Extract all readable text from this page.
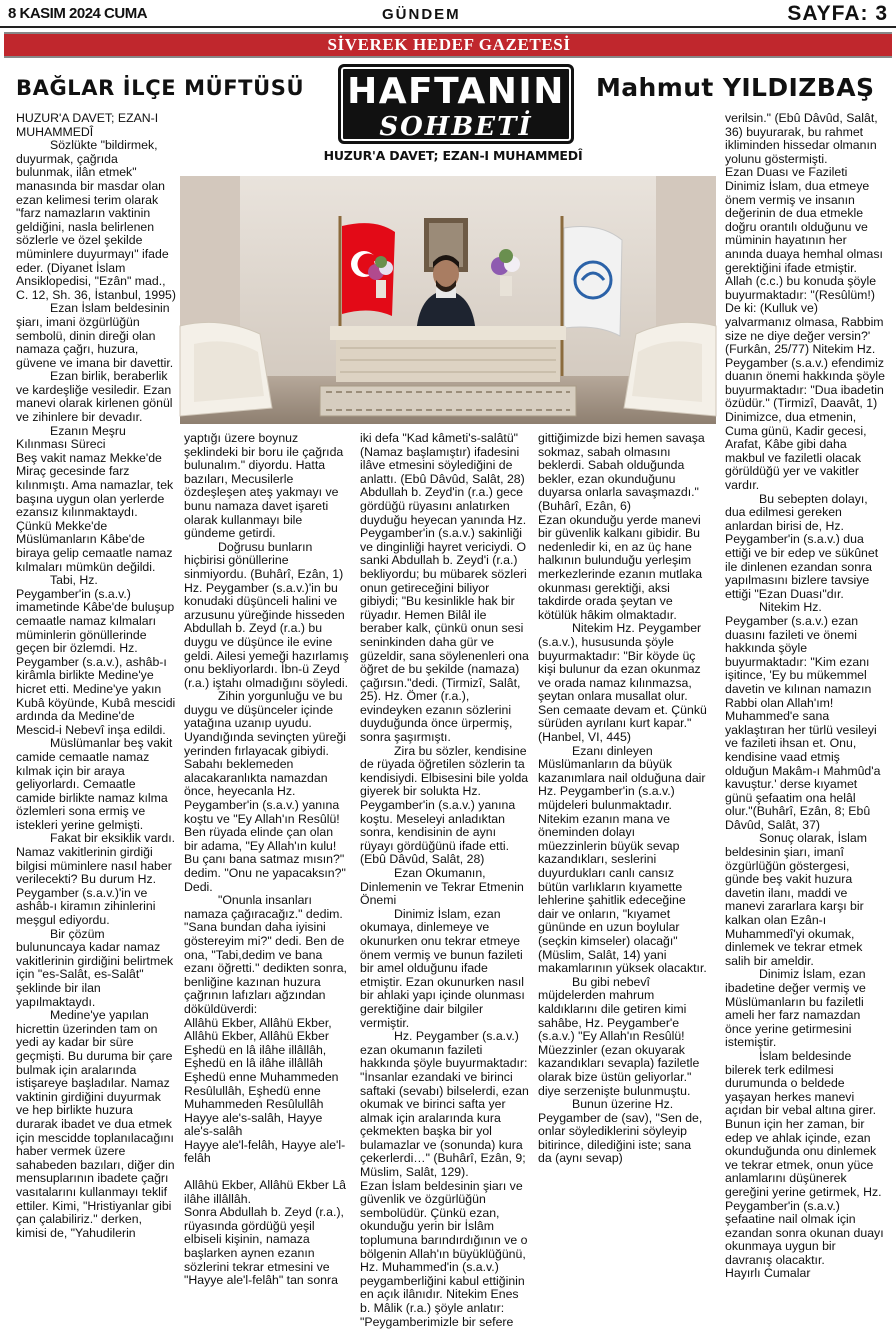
8 KASIM 2024 CUMA	GÜNDEM	SAYFA: 3
SİVEREK HEDEF GAZETESİ
BAĞLAR İLÇE MÜFTÜSÜ	Mahmut YILDIZBAŞ
HAFTANIN
SOHBETİ
HUZUR'A DAVET; EZAN-I MUHAMMEDÎ

HUZUR'A DAVET; EZAN-I MUHAMMEDÎ

Sözlükte "bildirmek, duyurmak, çağrıda bulunmak, ilân etmek" manasında bir masdar olan ezan kelimesi terim olarak "farz namazların vaktinin geldiğini, nasla belirlenen sözlerle ve özel şekilde müminlere duyurmayı" ifade eder. (Diyanet İslam Ansiklopedisi, "Ezân" mad., C. 12, Sh. 36, İstanbul, 1995)

Ezan İslam beldesinin şiarı, imani özgürlüğün sembolü, dinin direği olan namaza çağrı, huzura, güvene ve imana bir davettir.

Ezan birlik, beraberlik ve kardeşliğe vesiledir. Ezan manevi olarak kirlenen gönül ve zihinlere bir devadır.

Ezanın Meşru Kılınması Süreci

Beş vakit namaz Mekke'de Miraç gecesinde farz kılınmıştı. Ama namazlar, tek başına uygun olan yerlerde ezansız kılınmaktaydı. Çünkü Mekke'de Müslümanların Kâbe'de biraya gelip cemaatle namaz kılmaları mümkün değildi.

Tabi, Hz. Peygamber'in (s.a.v.) imametinde Kâbe'de buluşup cemaatle namaz kılmaları müminlerin gönüllerinde geçen bir özlemdi. Hz. Peygamber (s.a.v.), ashâb-ı kirâmla birlikte Medine'ye hicret etti. Medine'ye yakın Kubâ köyünde, Kubâ mescidi ardında da Medine'de Mescid-i Nebevî inşa edildi.

Müslümanlar beş vakit camide cemaatle namaz kılmak için bir araya geliyorlardı. Cemaatle camide birlikte namaz kılma özlemleri sona ermiş ve istekleri yerine gelmişti.

Fakat bir eksiklik vardı. Namaz vakitlerinin girdiği bilgisi müminlere nasıl haber verilecekti? Bu durum Hz. Peygamber (s.a.v.)'in ve ashâb-ı kiramın zihinlerini meşgul ediyordu.

Bir çözüm bulununcaya kadar namaz vakitlerinin girdiğini belirtmek için "es-Salât, es-Salât" şeklinde bir ilan yapılmaktaydı.

Medine'ye yapılan hicrettin üzerinden tam on yedi ay kadar bir süre geçmişti. Bu duruma bir çare bulmak için aralarında istişareye başladılar. Namaz vaktinin girdiğini duyurmak ve hep birlikte huzura durarak ibadet ve dua etmek için mescidde toplanılacağını haber vermek üzere sahabeden bazıları, diğer din mensuplarının ibadete çağrı vasıtalarını kullanmayı teklif ettiler. Kimi, "Hristiyanlar gibi çan çalabiliriz." derken, kimisi de, "Yahudilerin

yaptığı üzere boynuz şeklindeki bir boru ile çağrıda bulunalım." diyordu. Hatta bazıları, Mecusilerle özdeşleşen ateş yakmayı ve bunu namaza davet işareti olarak kullanmayı bile gündeme getirdi.

Doğrusu bunların hiçbirisi gönüllerine sinmiyordu. (Buhârî, Ezân, 1) Hz. Peygamber (s.a.v.)'in bu konudaki düşünceli halini ve arzusunu yüreğinde hisseden Abdullah b. Zeyd (r.a.) bu duygu ve düşünce ile evine geldi. Ailesi yemeği hazırlamış onu bekliyorlardı. İbn-ü Zeyd (r.a.) iştahı olmadığını söyledi.

Zihin yorgunluğu ve bu duygu ve düşünceler içinde yatağına uzanıp uyudu. Uyandığında sevinçten yüreği yerinden fırlayacak gibiydi. Sabahı beklemeden alacakaranlıkta namazdan önce, heyecanla Hz. Peygamber'in (s.a.v.) yanına koştu ve "Ey Allah'ın Resûlü! Ben rüyada elinde çan olan bir adama, "Ey Allah'ın kulu! Bu çanı bana satmaz mısın?" dedim. "Onu ne yapacaksın?" Dedi.

"Onunla insanları namaza çağıracağız." dedim. "Sana bundan daha iyisini göstereyim mi?" dedi. Ben de ona, "Tabi,dedim ve bana ezanı öğretti." dedikten sonra, benliğine kazınan huzura çağrının lafızları ağzından döküldüverdi:

Allâhü Ekber, Allâhü Ekber, Allâhü Ekber, Allâhü Ekber Eşhedü en lâ ilâhe illâllâh, Eşhedü en lâ ilâhe illâllâh Eşhedü enne Muhammeden Resûlullâh, Eşhedü enne Muhammeden Resûlullâh Hayye ale's-salâh, Hayye ale's-salâh

Hayye ale'l-felâh, Hayye ale'l-felâh

Allâhü Ekber, Allâhü Ekber Lâ ilâhe illâllâh.

Sonra Abdullah b. Zeyd (r.a.), rüyasında gördüğü yeşil elbiseli kişinin, namaza başlarken aynen ezanın sözlerini tekrar etmesini ve "Hayye ale'l-felâh" tan sonra

iki defa "Kad kâmeti's-salâtü" (Namaz başlamıştır) ifadesini ilâve etmesini söylediğini de anlattı. (Ebû Dâvûd, Salât, 28) Abdullah b. Zeyd'in (r.a.) gece gördüğü rüyasını anlatırken duyduğu heyecan yanında Hz. Peygamber'in (s.a.v.) sakinliği ve dinginliği hayret vericiydi. O sanki Abdullah b. Zeyd'i (r.a.) bekliyordu; bu mübarek sözleri onun getireceğini biliyor gibiydi; "Bu kesinlikle hak bir rüyadır. Hemen Bilâl ile beraber kalk, çünkü onun sesi seninkinden daha gür ve güzeldir, sana söylenenleri ona öğret de bu şekilde (namaza) çağırsın."dedi. (Tirmizî, Salât, 25). Hz. Ömer (r.a.), evindeyken ezanın sözlerini duyduğunda önce ürpermiş, sonra şaşırmıştı.

Zira bu sözler, kendisine de rüyada öğretilen sözlerin ta kendisiydi. Elbisesini bile yolda giyerek bir solukta Hz. Peygamber'in (s.a.v.) yanına koştu. Meseleyi anladıktan sonra, kendisinin de aynı rüyayı gördüğünü ifade etti. (Ebû Dâvûd, Salât, 28)

Ezan Okumanın, Dinlemenin ve Tekrar Etmenin Önemi

Dinimiz İslam, ezan okumaya, dinlemeye ve okunurken onu tekrar etmeye önem vermiş ve bunun fazileti bir amel olduğunu ifade etmiştir. Ezan okunurken nasıl bir ahlaki yapı içinde olunması gerektiğine dair bilgiler vermiştir.

Hz. Peygamber (s.a.v.) ezan okumanın fazileti hakkında şöyle buyurmaktadır: "İnsanlar ezandaki ve birinci saftaki (sevabı) bilselerdi, ezan okumak ve birinci safta yer almak için aralarında kura çekmekten başka bir yol bulamazlar ve (sonunda) kura çekerlerdi…" (Buhârî, Ezân, 9; Müslim, Salât, 129).

Ezan İslam beldesinin şiarı ve güvenlik ve özgürlüğün sembolüdür. Çünkü ezan, okunduğu yerin bir İslâm toplumuna barındırdığının ve o bölgenin Allah'ın büyüklüğünü, Hz. Muhammed'in (s.a.v.) peygamberliğini kabul ettiğinin en açık ilânıdır. Nitekim Enes b. Mâlik (r.a.) şöyle anlatır: "Peygamberimizle bir sefere

gittiğimizde bizi hemen savaşa sokmaz, sabah olmasını beklerdi. Sabah olduğunda bekler, ezan okunduğunu duyarsa onlarla savaşmazdı." (Buhârî, Ezân, 6)

Ezan okunduğu yerde manevi bir güvenlik kalkanı gibidir. Bu nedenledir ki, en az üç hane halkının bulunduğu yerleşim merkezlerinde ezanın mutlaka okunması gerektiği, aksi takdirde orada şeytan ve kötülük hâkim olmaktadır.

Nitekim Hz. Peygamber (s.a.v.), hususunda şöyle buyurmaktadır: "Bir köyde üç kişi bulunur da ezan okunmaz ve orada namaz kılınmazsa, şeytan onlara musallat olur. Sen cemaate devam et. Çünkü sürüden ayrılanı kurt kapar." (Hanbel, VI, 445)

Ezanı dinleyen Müslümanların da büyük kazanımlara nail olduğuna dair Hz. Peygamber'in (s.a.v.) müjdeleri bulunmaktadır. Nitekim ezanın mana ve öneminden dolayı müezzinlerin büyük sevap kazandıkları, seslerini duyurdukları canlı cansız bütün varlıkların kıyamette lehlerine şahitlik edeceğine dair ve onların, "kıyamet gününde en uzun boylular (seçkin kimseler) olacağı" (Müslim, Salât, 14) yani makamlarının yüksek olacaktır.

Bu gibi nebevî müjdelerden mahrum kaldıklarını dile getiren kimi sahâbe, Hz. Peygamber'e (s.a.v.) "Ey Allah'ın Resûlü! Müezzinler (ezan okuyarak kazandıkları sevapla) faziletle olarak bize üstün geliyorlar." diye serzenişte bulunmuştu.

Bunun üzerine Hz. Peygamber de (sav), "Sen de, onlar söylediklerini söyleyip bitirince, dilediğini iste; sana da (aynı sevap)

verilsin." (Ebû Dâvûd, Salât, 36) buyurarak, bu rahmet ikliminden hissedar olmanın yolunu göstermişti.

Ezan Duası ve Fazileti

Dinimiz İslam, dua etmeye önem vermiş ve insanın değerinin de dua etmekle doğru orantılı olduğunu ve müminin hayatının her anında duaya hemhal olması gerektiğini ifade etmiştir. Allah (c.c.) bu konuda şöyle buyurmaktadır: "(Resûlüm!) De ki: (Kulluk ve) yalvarmanız olmasa, Rabbim size ne diye değer versin?' (Furkân, 25/77) Nitekim Hz. Peygamber (s.a.v.) efendimiz duanın önemi hakkında şöyle buyurmaktadır: "Dua ibadetin özüdür." (Tirmizî, Daavât, 1) Dinimizce, dua etmenin, Cuma günü, Kadir gecesi, Arafat, Kâbe gibi daha makbul ve faziletli olacak görüldüğü yer ve vakitler vardır.

Bu sebepten dolayı, dua edilmesi gereken anlardan birisi de, Hz. Peygamber'in (s.a.v.) dua ettiği ve bir edep ve sükûnet ile dinlenen ezandan sonra yapılmasını bizlere tavsiye ettiği "Ezan Duası"dır.

Nitekim Hz. Peygamber (s.a.v.) ezan duasını fazileti ve önemi hakkında şöyle buyurmaktadır: "Kim ezanı işitince, 'Ey bu mükemmel davetin ve kılınan namazın Rabbi olan Allah'ım! Muhammed'e sana yaklaştıran her türlü vesileyi ve fazileti ihsan et. Onu, kendisine vaad etmiş olduğun Makâm-ı Mahmûd'a kavuştur.' derse kıyamet günü şefaatim ona helâl olur."(Buhârî, Ezân, 8; Ebû Dâvûd, Salât, 37)

Sonuç olarak, İslam beldesinin şiarı, imanî özgürlüğün göstergesi, günde beş vakit huzura davetin ilanı, maddi ve manevi zararlara karşı bir kalkan olan Ezân-ı Muhammedî'yi okumak, dinlemek ve tekrar etmek salih bir ameldir.

Dinimiz İslam, ezan ibadetine değer vermiş ve Müslümanların bu faziletli ameli her farz namazdan önce yerine getirmesini istemiştir.

İslam beldesinde bilerek terk edilmesi durumunda o beldede yaşayan herkes manevi açıdan bir vebal altına girer. Bunun için her zaman, bir edep ve ahlak içinde, ezan okunduğunda onu dinlemek ve tekrar etmek, onun yüce anlamlarını düşünerek gereğini yerine getirmek, Hz. Peygamber'in (s.a.v.) şefaatine nail olmak için ezandan sonra okunan duayı okunmaya uygun bir davranış olacaktır.

Hayırlı Cumalar
